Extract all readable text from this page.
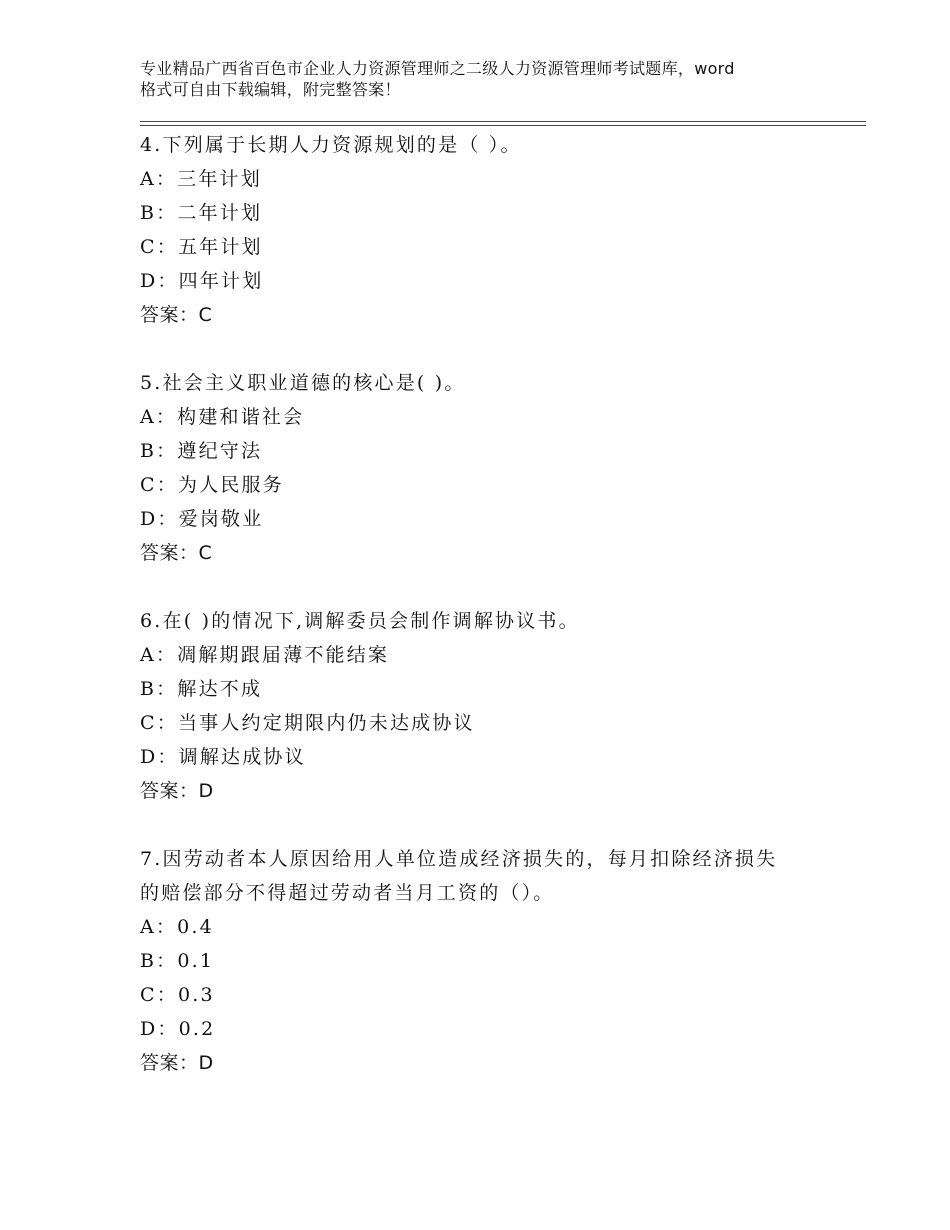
专业精品广西省百色市企业人力资源管理师之二级人力资源管理师考试题库，word
格式可自由下载编辑，附完整答案！
4.下列属于长期人力资源规划的是（ ）。
A：三年计划
B：二年计划
C：五年计划
D：四年计划
答案：C
5.社会主义职业道德的核心是( )。
A：构建和谐社会
B：遵纪守法
C：为人民服务
D：爱岗敬业
答案：C
6.在( )的情况下,调解委员会制作调解协议书。
A：凋解期跟届薄不能结案
B：解达不成
C：当事人约定期限内仍未达成协议
D：调解达成协议
答案：D
7.因劳动者本人原因给用人单位造成经济损失的，每月扣除经济损失
的赔偿部分不得超过劳动者当月工资的（）。
A：0.4
B：0.1
C：0.3
D：0.2
答案：D
